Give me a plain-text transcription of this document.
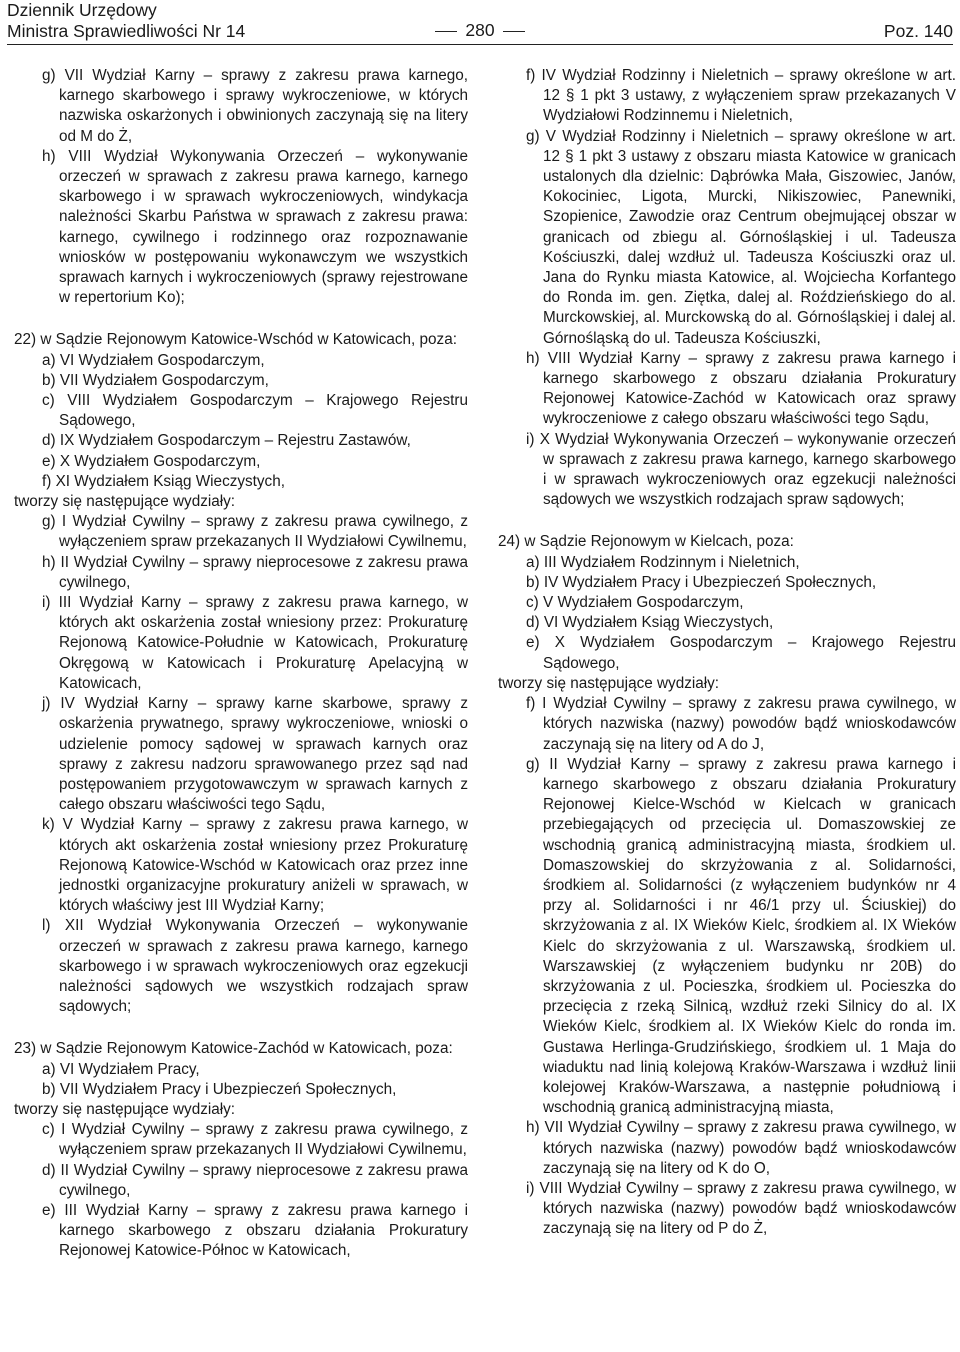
Dziennik Urzędowy
Ministra Sprawiedliwości Nr 14	280	Poz. 140

g) VII Wydział Karny – sprawy z zakresu prawa karnego, karnego skarbowego i sprawy wykroczeniowe, w których nazwiska oskarżonych i obwinionych zaczynają się na litery od M do Ż,

h) VIII Wydział Wykonywania Orzeczeń – wykonywanie orzeczeń w sprawach z zakresu prawa karnego, karnego skarbowego i w sprawach wykroczeniowych, windykacja należności Skarbu Państwa w sprawach z zakresu prawa: karnego, cywilnego i rodzinnego oraz rozpoznawanie wniosków w postępowaniu wykonawczym we wszystkich sprawach karnych i wykroczeniowych (sprawy rejestrowane w repertorium Ko);

22) w Sądzie Rejonowym Katowice-Wschód w Katowicach, poza:

a) VI Wydziałem Gospodarczym,

b) VII Wydziałem Gospodarczym,

c) VIII Wydziałem Gospodarczym – Krajowego Rejestru Sądowego,

d) IX Wydziałem Gospodarczym – Rejestru Zastawów,

e) X Wydziałem Gospodarczym,

f) XI Wydziałem Ksiąg Wieczystych,

tworzy się następujące wydziały:

g) I Wydział Cywilny – sprawy z zakresu prawa cywilnego, z wyłączeniem spraw przekazanych II Wydziałowi Cywilnemu,

h) II Wydział Cywilny – sprawy nieprocesowe z zakresu prawa cywilnego,

i) III Wydział Karny – sprawy z zakresu prawa karnego, w których akt oskarżenia został wniesiony przez: Prokuraturę Rejonową Katowice-Południe w Katowicach, Prokuraturę Okręgową w Katowicach i Prokuraturę Apelacyjną w Katowicach,

j) IV Wydział Karny – sprawy karne skarbowe, sprawy z oskarżenia prywatnego, sprawy wykroczeniowe, wnioski o udzielenie pomocy sądowej w sprawach karnych oraz sprawy z zakresu nadzoru sprawowanego przez sąd nad postępowaniem przygotowawczym w sprawach karnych z całego obszaru właściwości tego Sądu,

k) V Wydział Karny – sprawy z zakresu prawa karnego, w których akt oskarżenia został wniesiony przez Prokuraturę Rejonową Katowice-Wschód w Katowicach oraz przez inne jednostki organizacyjne prokuratury aniżeli w sprawach, w których właściwy jest III Wydział Karny;

l) XII Wydział Wykonywania Orzeczeń – wykonywanie orzeczeń w sprawach z zakresu prawa karnego, karnego skarbowego i w sprawach wykroczeniowych oraz egzekucji należności sądowych we wszystkich rodzajach spraw sądowych;

23) w Sądzie Rejonowym Katowice-Zachód w Katowicach, poza:

a) VI Wydziałem Pracy,

b) VII Wydziałem Pracy i Ubezpieczeń Społecznych,

tworzy się następujące wydziały:

c) I Wydział Cywilny – sprawy z zakresu prawa cywilnego, z wyłączeniem spraw przekazanych II Wydziałowi Cywilnemu,

d) II Wydział Cywilny – sprawy nieprocesowe z zakresu prawa cywilnego,

e) III Wydział Karny – sprawy z zakresu prawa karnego i karnego skarbowego z obszaru działania Prokuratury Rejonowej Katowice-Północ w Katowicach,

f) IV Wydział Rodzinny i Nieletnich – sprawy określone w art. 12 § 1 pkt 3 ustawy, z wyłączeniem spraw przekazanych V Wydziałowi Rodzinnemu i Nieletnich,

g) V Wydział Rodzinny i Nieletnich – sprawy określone w art. 12 § 1 pkt 3 ustawy z obszaru miasta Katowice w granicach ustalonych dla dzielnic: Dąbrówka Mała, Giszowiec, Janów, Kokociniec, Ligota, Murcki, Nikiszowiec, Panewniki, Szopienice, Zawodzie oraz Centrum obejmującej obszar w granicach od zbiegu al. Górnośląskiej i ul. Tadeusza Kościuszki, dalej wzdłuż ul. Tadeusza Kościuszki oraz ul. Jana do Rynku miasta Katowice, al. Wojciecha Korfantego do Ronda im. gen. Ziętka, dalej al. Roździeńskiego do al. Murckowskiej, al. Murckowską do al. Górnośląskiej i dalej al. Górnośląską do ul. Tadeusza Kościuszki,

h) VIII Wydział Karny – sprawy z zakresu prawa karnego i karnego skarbowego z obszaru działania Prokuratury Rejonowej Katowice-Zachód w Katowicach oraz sprawy wykroczeniowe z całego obszaru właściwości tego Sądu,

i) X Wydział Wykonywania Orzeczeń – wykonywanie orzeczeń w sprawach z zakresu prawa karnego, karnego skarbowego i w sprawach wykroczeniowych oraz egzekucji należności sądowych we wszystkich rodzajach spraw sądowych;

24) w Sądzie Rejonowym w Kielcach, poza:

a) III Wydziałem Rodzinnym i Nieletnich,

b) IV Wydziałem Pracy i Ubezpieczeń Społecznych,

c) V Wydziałem Gospodarczym,

d) VI Wydziałem Ksiąg Wieczystych,

e) X Wydziałem Gospodarczym – Krajowego Rejestru Sądowego,

tworzy się następujące wydziały:

f) I Wydział Cywilny – sprawy z zakresu prawa cywilnego, w których nazwiska (nazwy) powodów bądź wnioskodawców zaczynają się na litery od A do J,

g) II Wydział Karny – sprawy z zakresu prawa karnego i karnego skarbowego z obszaru działania Prokuratury Rejonowej Kielce-Wschód w Kielcach w granicach przebiegających od przecięcia ul. Domaszowskiej ze wschodnią granicą administracyjną miasta, środkiem ul. Domaszowskiej do skrzyżowania z al. Solidarności, środkiem al. Solidarności (z wyłączeniem budynków nr 4 przy al. Solidarności i nr 46/1 przy ul. Ściuskiej) do skrzyżowania z al. IX Wieków Kielc, środkiem al. IX Wieków Kielc do skrzyżowania z ul. Warszawską, środkiem ul. Warszawskiej (z wyłączeniem budynku nr 20B) do skrzyżowania z ul. Pocieszka, środkiem ul. Pocieszka do przecięcia z rzeką Silnicą, wzdłuż rzeki Silnicy do al. IX Wieków Kielc, środkiem al. IX Wieków Kielc do ronda im. Gustawa Herlinga-Grudzińskiego, środkiem ul. 1 Maja do wiaduktu nad linią kolejową Kraków-Warszawa i wzdłuż linii kolejowej Kraków-Warszawa, a następnie południową i wschodnią granicą administracyjną miasta,

h) VII Wydział Cywilny – sprawy z zakresu prawa cywilnego, w których nazwiska (nazwy) powodów bądź wnioskodawców zaczynają się na litery od K do O,

i) VIII Wydział Cywilny – sprawy z zakresu prawa cywilnego, w których nazwiska (nazwy) powodów bądź wnioskodawców zaczynają się na litery od P do Ż,
